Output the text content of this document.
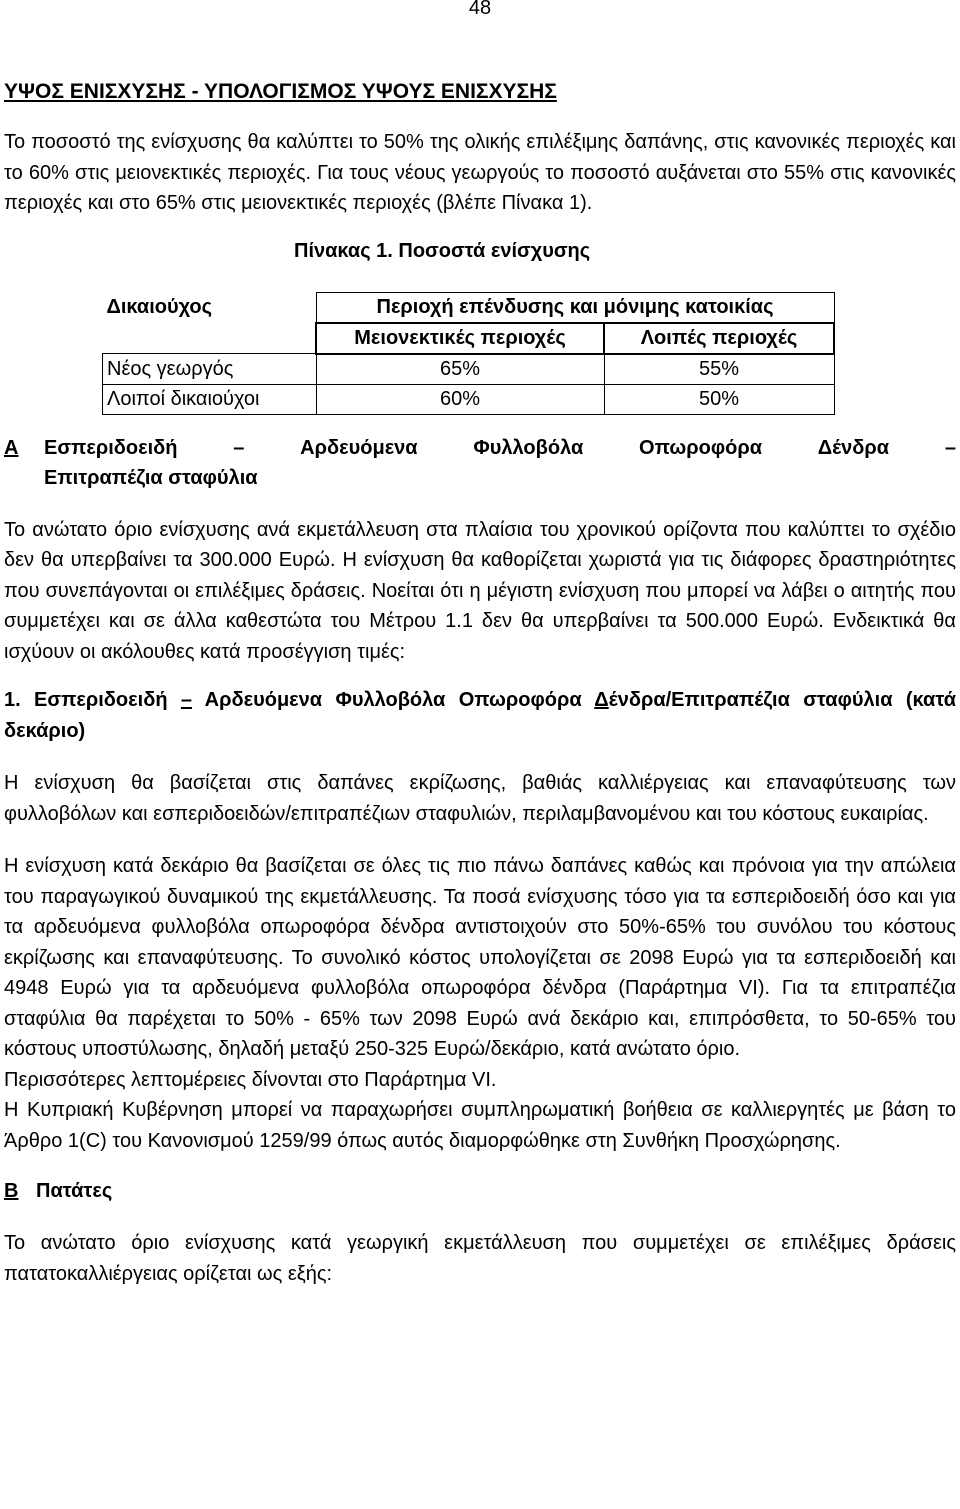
48
ΥΨΟΣ ΕΝΙΣΧΥΣΗΣ - ΥΠΟΛΟΓΙΣΜΟΣ ΥΨΟΥΣ ΕΝΙΣΧΥΣΗΣ

Το ποσοστό της ενίσχυσης θα καλύπτει το 50% της ολικής επιλέξιμης δαπάνης, στις κανονικές περιοχές και το 60% στις μειονεκτικές περιοχές. Για τους νέους γεωργούς το ποσοστό αυξάνεται στο 55% στις κανονικές περιοχές και στο 65% στις μειονεκτικές περιοχές (βλέπε Πίνακα 1).

Πίνακας 1. Ποσοστά ενίσχυσης
Δικαιούχος	Περιοχή επένδυσης και μόνιμης κατοικίας	
	Μειονεκτικές περιοχές	Λοιπές περιοχές
Νέος γεωργός	65%	55%
Λοιποί δικαιούχοι	60%	50%
Α Εσπεριδοειδή	–	Αρδευόμενα	Φυλλοβόλα	Οπωροφόρα	Δένδρα	–
Επιτραπέζια σταφύλια

Το ανώτατο όριο ενίσχυσης ανά εκμετάλλευση στα πλαίσια του χρονικού ορίζοντα που καλύπτει το σχέδιο δεν θα υπερβαίνει τα 300.000 Ευρώ. Η ενίσχυση θα καθορίζεται χωριστά για τις διάφορες δραστηριότητες που συνεπάγονται οι επιλέξιμες δράσεις. Νοείται ότι η μέγιστη ενίσχυση που μπορεί να λάβει ο αιτητής που συμμετέχει και σε άλλα καθεστώτα του Μέτρου 1.1 δεν θα υπερβαίνει τα 500.000 Ευρώ. Ενδεικτικά θα ισχύουν οι ακόλουθες κατά προσέγγιση τιμές:

1. Εσπεριδοειδή – Αρδευόμενα Φυλλοβόλα Οπωροφόρα Δένδρα/Επιτραπέζια σταφύλια (κατά δεκάριο)

Η ενίσχυση θα βασίζεται στις δαπάνες εκρίζωσης, βαθιάς καλλιέργειας και επαναφύτευσης των φυλλοβόλων και εσπεριδοειδών/επιτραπέζιων σταφυλιών, περιλαμβανομένου και του κόστους ευκαιρίας.

Η ενίσχυση κατά δεκάριο θα βασίζεται σε όλες τις πιο πάνω δαπάνες καθώς και πρόνοια για την απώλεια του παραγωγικού δυναμικού της εκμετάλλευσης. Τα ποσά ενίσχυσης τόσο για τα εσπεριδοειδή όσο και για τα αρδευόμενα φυλλοβόλα οπωροφόρα δένδρα αντιστοιχούν στο 50%-65% του συνόλου του κόστους εκρίζωσης και επαναφύτευσης. Το συνολικό κόστος υπολογίζεται σε 2098 Ευρώ για τα εσπεριδοειδή και 4948 Ευρώ για τα αρδευόμενα φυλλοβόλα οπωροφόρα δένδρα (Παράρτημα VI). Για τα επιτραπέζια σταφύλια θα παρέχεται το 50% - 65% των 2098 Ευρώ ανά δεκάριο και, επιπρόσθετα, το 50-65% του κόστους υποστύλωσης, δηλαδή μεταξύ 250-325 Ευρώ/δεκάριο, κατά ανώτατο όριο.

Περισσότερες λεπτομέρειες δίνονται στο Παράρτημα VI.

Η Κυπριακή Κυβέρνηση μπορεί να παραχωρήσει συμπληρωματική βοήθεια σε καλλιεργητές με βάση το Άρθρο 1(C) του Κανονισμού 1259/99 όπως αυτός διαμορφώθηκε στη Συνθήκη Προσχώρησης.

Β Πατάτες

Το ανώτατο όριο ενίσχυσης κατά γεωργική εκμετάλλευση που συμμετέχει σε επιλέξιμες δράσεις πατατοκαλλιέργειας ορίζεται ως εξής:
